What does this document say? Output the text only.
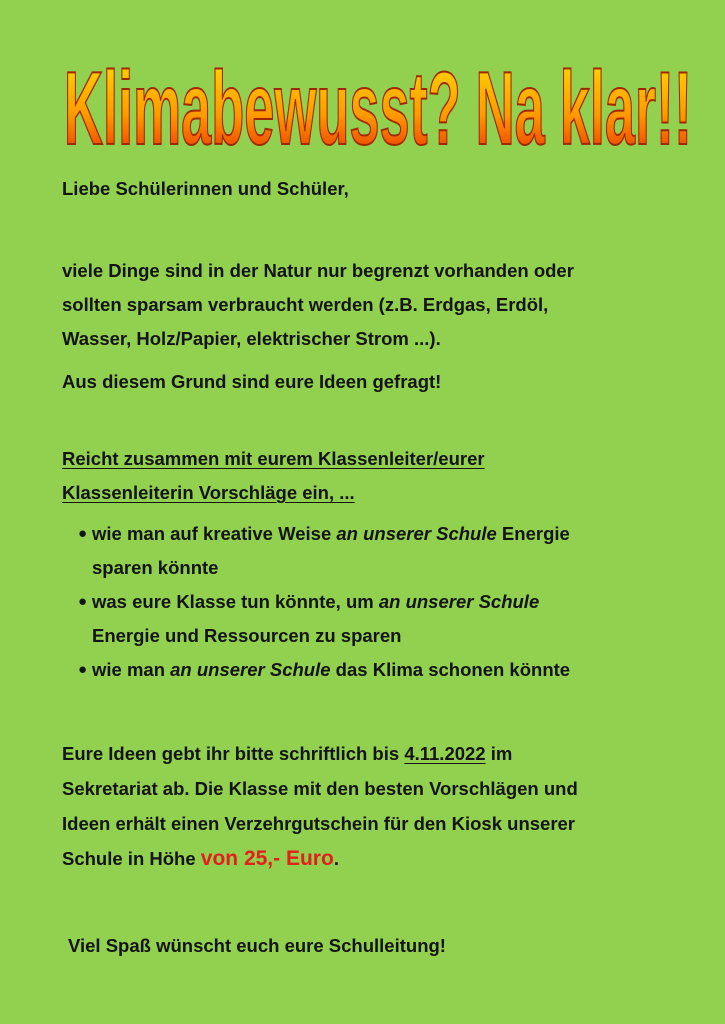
Klimabewusst? Na klar!!
Liebe Schülerinnen und Schüler,
viele Dinge sind in der Natur nur begrenzt vorhanden oder
sollten sparsam verbraucht werden (z.B. Erdgas, Erdöl,
Wasser, Holz/Papier, elektrischer Strom ...).
Aus diesem Grund sind eure Ideen gefragt!
Reicht zusammen mit eurem Klassenleiter/eurer
Klassenleiterin Vorschläge ein, ...
● wie man auf kreative Weise an unserer Schule Energie
sparen könnte
● was eure Klasse tun könnte, um an unserer Schule
Energie und Ressourcen zu sparen
● wie man an unserer Schule das Klima schonen könnte
Eure Ideen gebt ihr bitte schriftlich bis 4.11.2022 im
Sekretariat ab. Die Klasse mit den besten Vorschlägen und
Ideen erhält einen Verzehrgutschein für den Kiosk unserer
Schule in Höhe von 25,- Euro.
Viel Spaß wünscht euch eure Schulleitung!
